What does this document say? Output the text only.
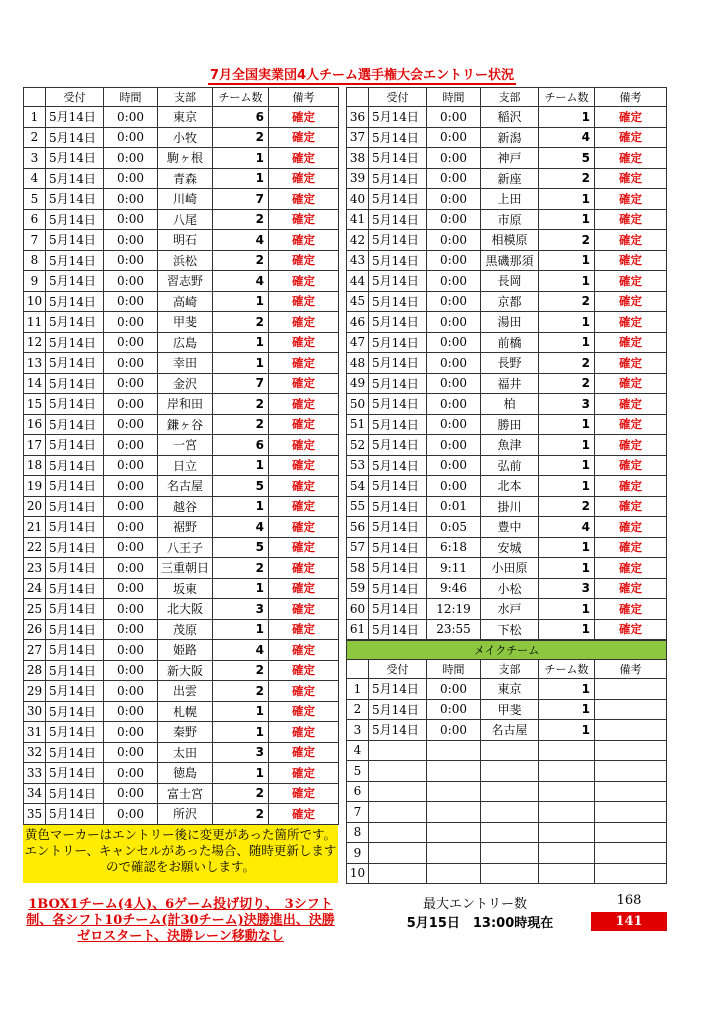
7月全国実業団4人チーム選手権大会エントリー状況
	受付	時間	支部	チーム数	備考
1	5月14日	0:00	東京	6	確定
2	5月14日	0:00	小牧	2	確定
3	5月14日	0:00	駒ヶ根	1	確定
4	5月14日	0:00	青森	1	確定
5	5月14日	0:00	川崎	7	確定
6	5月14日	0:00	八尾	2	確定
7	5月14日	0:00	明石	4	確定
8	5月14日	0:00	浜松	2	確定
9	5月14日	0:00	習志野	4	確定
10	5月14日	0:00	高崎	1	確定
11	5月14日	0:00	甲斐	2	確定
12	5月14日	0:00	広島	1	確定
13	5月14日	0:00	幸田	1	確定
14	5月14日	0:00	金沢	7	確定
15	5月14日	0:00	岸和田	2	確定
16	5月14日	0:00	鎌ヶ谷	2	確定
17	5月14日	0:00	一宮	6	確定
18	5月14日	0:00	日立	1	確定
19	5月14日	0:00	名古屋	5	確定
20	5月14日	0:00	越谷	1	確定
21	5月14日	0:00	裾野	4	確定
22	5月14日	0:00	八王子	5	確定
23	5月14日	0:00	三重朝日	2	確定
24	5月14日	0:00	坂東	1	確定
25	5月14日	0:00	北大阪	3	確定
26	5月14日	0:00	茂原	1	確定
27	5月14日	0:00	姫路	4	確定
28	5月14日	0:00	新大阪	2	確定
29	5月14日	0:00	出雲	2	確定
30	5月14日	0:00	札幌	1	確定
31	5月14日	0:00	秦野	1	確定
32	5月14日	0:00	太田	3	確定
33	5月14日	0:00	徳島	1	確定
34	5月14日	0:00	富士宮	2	確定
35	5月14日	0:00	所沢	2	確定
	受付	時間	支部	チーム数	備考
36	5月14日	0:00	稲沢	1	確定
37	5月14日	0:00	新潟	4	確定
38	5月14日	0:00	神戸	5	確定
39	5月14日	0:00	新座	2	確定
40	5月14日	0:00	上田	1	確定
41	5月14日	0:00	市原	1	確定
42	5月14日	0:00	相模原	2	確定
43	5月14日	0:00	黒磯那須	1	確定
44	5月14日	0:00	長岡	1	確定
45	5月14日	0:00	京都	2	確定
46	5月14日	0:00	湯田	1	確定
47	5月14日	0:00	前橋	1	確定
48	5月14日	0:00	長野	2	確定
49	5月14日	0:00	福井	2	確定
50	5月14日	0:00	柏	3	確定
51	5月14日	0:00	勝田	1	確定
52	5月14日	0:00	魚津	1	確定
53	5月14日	0:00	弘前	1	確定
54	5月14日	0:00	北本	1	確定
55	5月14日	0:01	掛川	2	確定
56	5月14日	0:05	豊中	4	確定
57	5月14日	6:18	安城	1	確定
58	5月14日	9:11	小田原	1	確定
59	5月14日	9:46	小松	3	確定
60	5月14日	12:19	水戸	1	確定
61	5月14日	23:55	下松	1	確定
メイクチーム					
	受付	時間	支部	チーム数	備考
1	5月14日	0:00	東京	1	
2	5月14日	0:00	甲斐	1	
3	5月14日	0:00	名古屋	1	
4					
5					
6					
7					
8					
9					
10					
黄色マーカーはエントリー後に変更があった箇所です。エントリー、キャンセルがあった場合、随時更新しますので確認をお願いします。
1BOX1チーム(4人)、6ゲーム投げ切り、　3シフト制、各シフト10チーム(計30チーム)決勝進出、決勝ゼロスタート、決勝レーン移動なし
最大エントリー数	168
5月15日　13:00時現在	141
